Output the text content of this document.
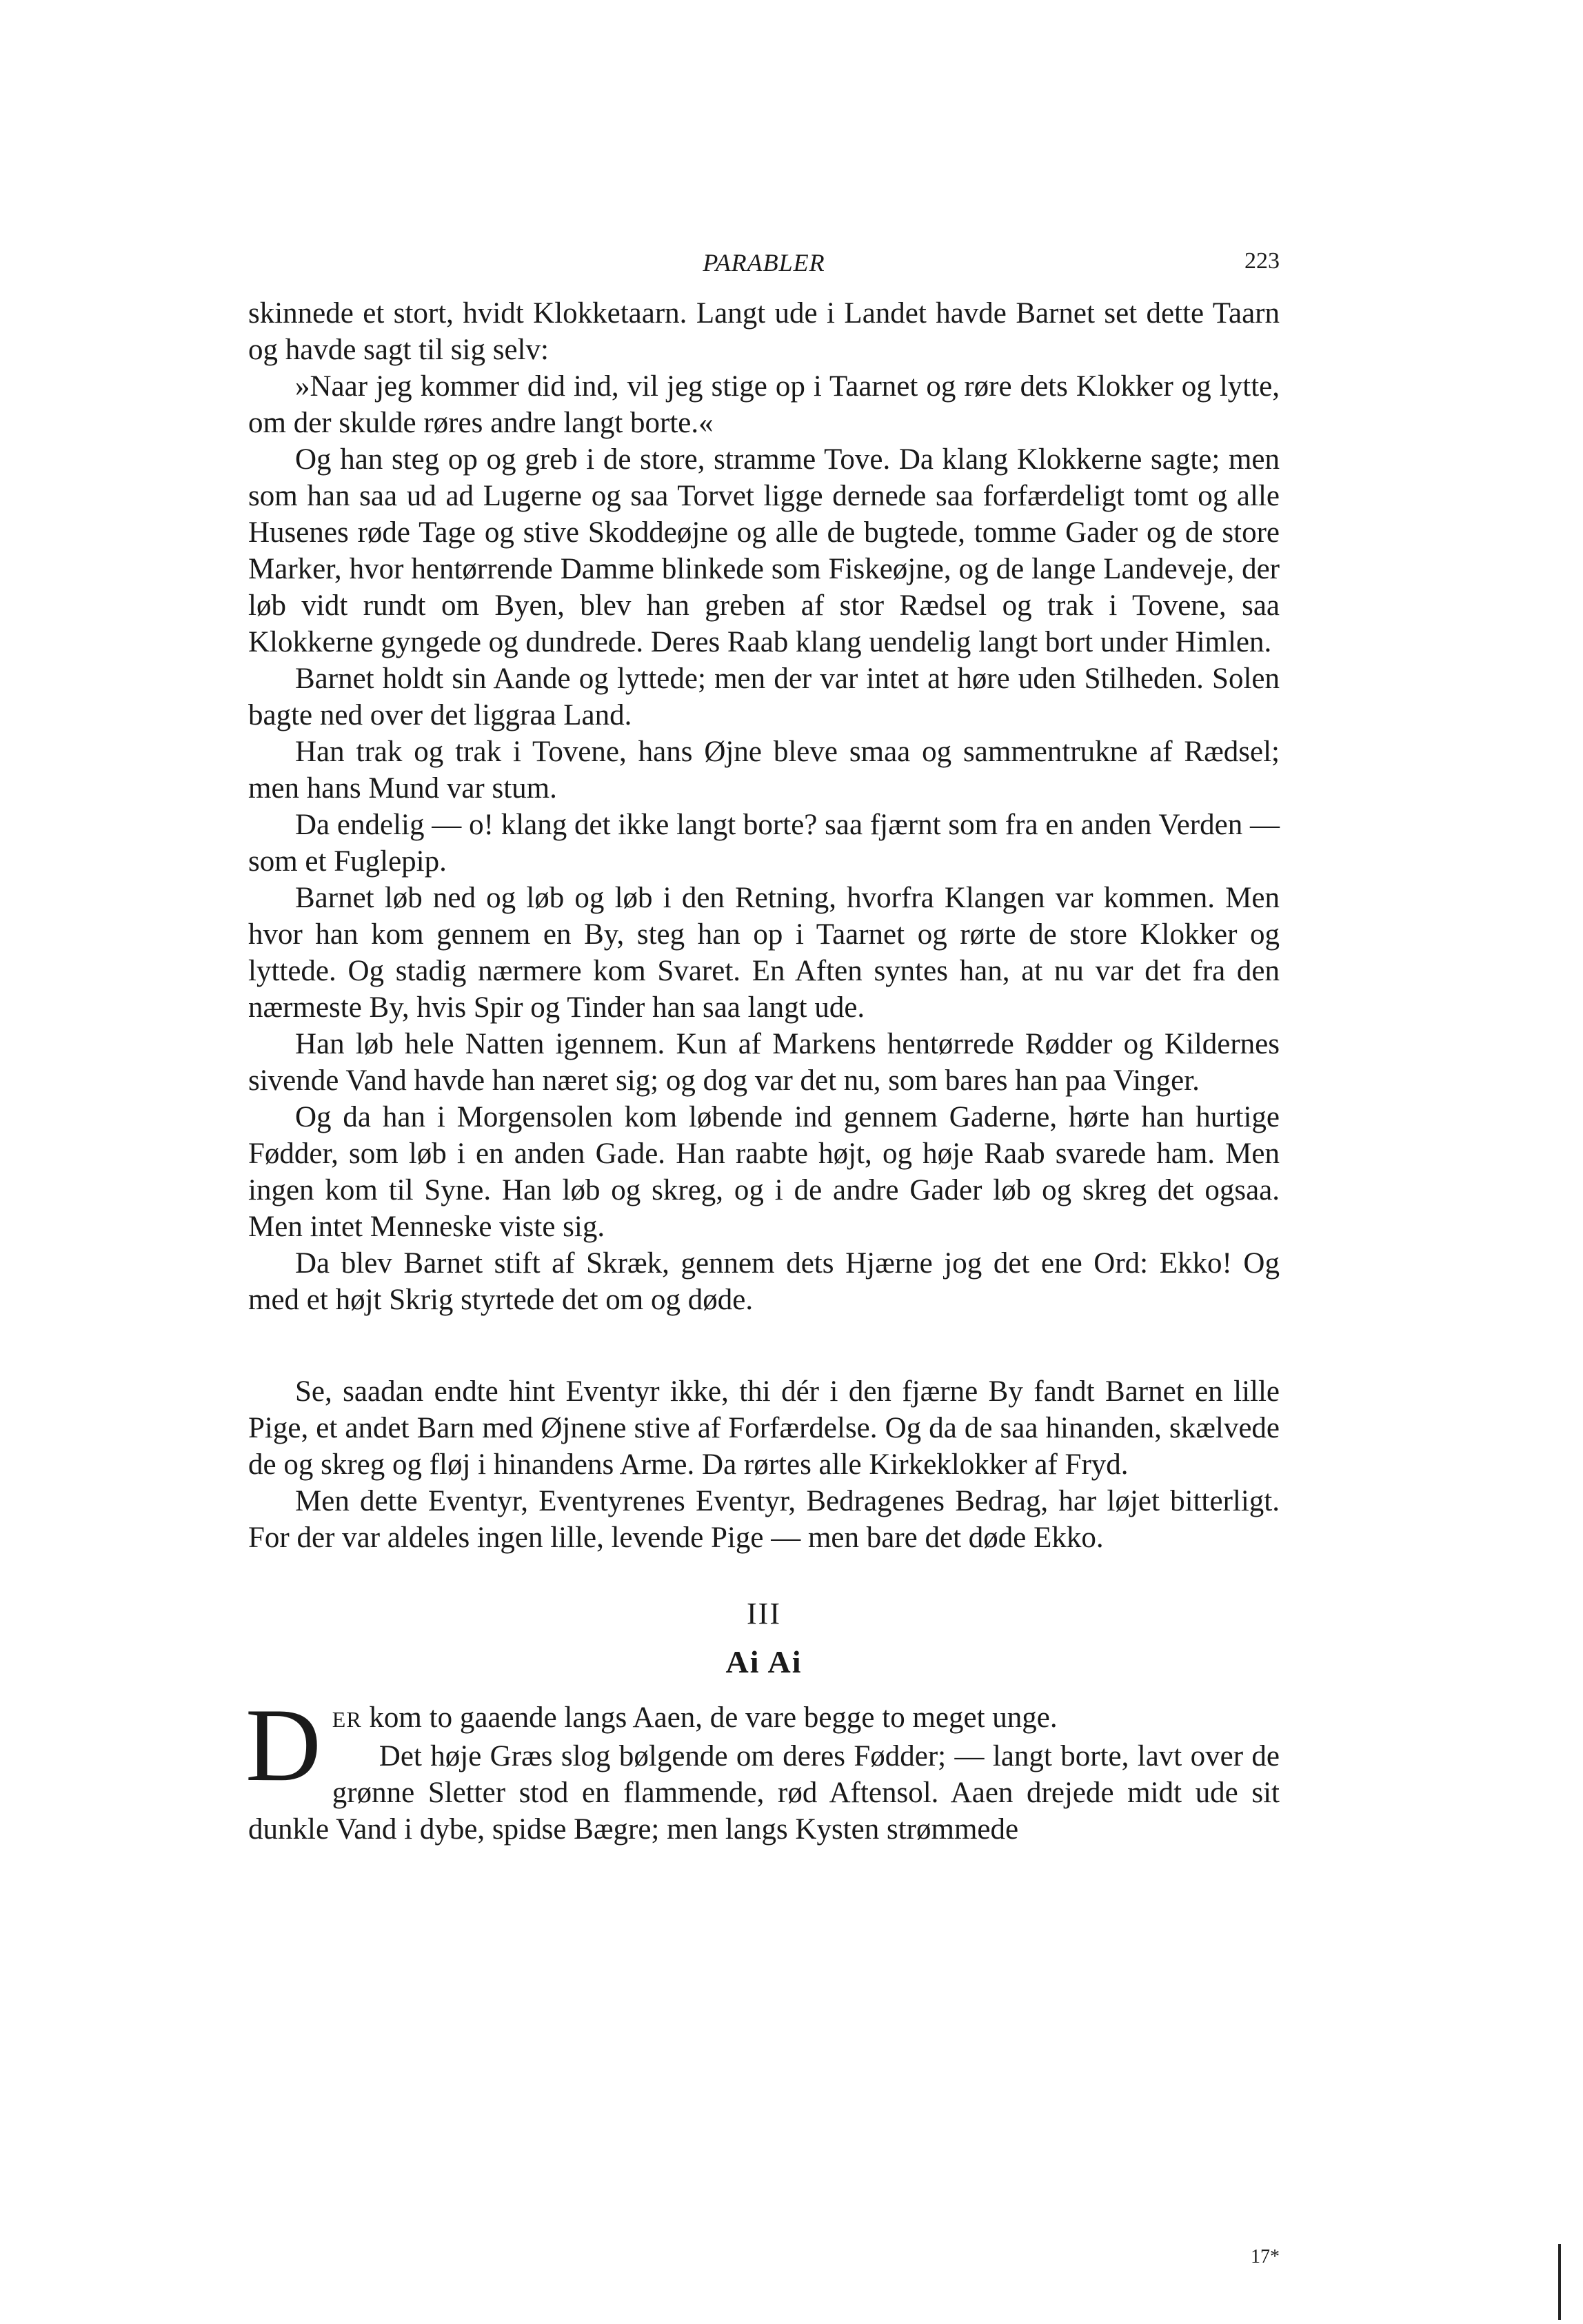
PARABLER	223

skinnede et stort, hvidt Klokketaarn. Langt ude i Landet havde Barnet set dette Taarn og havde sagt til sig selv:

»Naar jeg kommer did ind, vil jeg stige op i Taarnet og røre dets Klokker og lytte, om der skulde røres andre langt borte.«

Og han steg op og greb i de store, stramme Tove. Da klang Klokkerne sagte; men som han saa ud ad Lugerne og saa Torvet ligge dernede saa forfærdeligt tomt og alle Husenes røde Tage og stive Skoddeøjne og alle de bugtede, tomme Gader og de store Marker, hvor hentørrende Damme blinkede som Fiskeøjne, og de lange Landeveje, der løb vidt rundt om Byen, blev han greben af stor Rædsel og trak i Tovene, saa Klokkerne gyngede og dundrede. Deres Raab klang uendelig langt bort under Himlen.

Barnet holdt sin Aande og lyttede; men der var intet at høre uden Stilheden. Solen bagte ned over det liggraa Land.

Han trak og trak i Tovene, hans Øjne bleve smaa og sammentrukne af Rædsel; men hans Mund var stum.

Da endelig — o! klang det ikke langt borte? saa fjærnt som fra en anden Verden — som et Fuglepip.

Barnet løb ned og løb og løb i den Retning, hvorfra Klangen var kommen. Men hvor han kom gennem en By, steg han op i Taarnet og rørte de store Klokker og lyttede. Og stadig nærmere kom Svaret. En Aften syntes han, at nu var det fra den nærmeste By, hvis Spir og Tinder han saa langt ude.

Han løb hele Natten igennem. Kun af Markens hentørrede Rødder og Kildernes sivende Vand havde han næret sig; og dog var det nu, som bares han paa Vinger.

Og da han i Morgensolen kom løbende ind gennem Gaderne, hørte han hurtige Fødder, som løb i en anden Gade. Han raabte højt, og høje Raab svarede ham. Men ingen kom til Syne. Han løb og skreg, og i de andre Gader løb og skreg det ogsaa. Men intet Menneske viste sig.

Da blev Barnet stift af Skræk, gennem dets Hjærne jog det ene Ord: Ekko! Og med et højt Skrig styrtede det om og døde.

Se, saadan endte hint Eventyr ikke, thi dér i den fjærne By fandt Barnet en lille Pige, et andet Barn med Øjnene stive af Forfærdelse. Og da de saa hinanden, skælvede de og skreg og fløj i hinandens Arme. Da rørtes alle Kirkeklokker af Fryd.

Men dette Eventyr, Eventyrenes Eventyr, Bedragenes Bedrag, har løjet bitterligt. For der var aldeles ingen lille, levende Pige — men bare det døde Ekko.

III
Ai Ai

DER kom to gaaende langs Aaen, de vare begge to meget unge.

Det høje Græs slog bølgende om deres Fødder; — langt borte, lavt over de grønne Sletter stod en flammende, rød Aftensol. Aaen drejede midt ude sit dunkle Vand i dybe, spidse Bægre; men langs Kysten strømmede

17*
